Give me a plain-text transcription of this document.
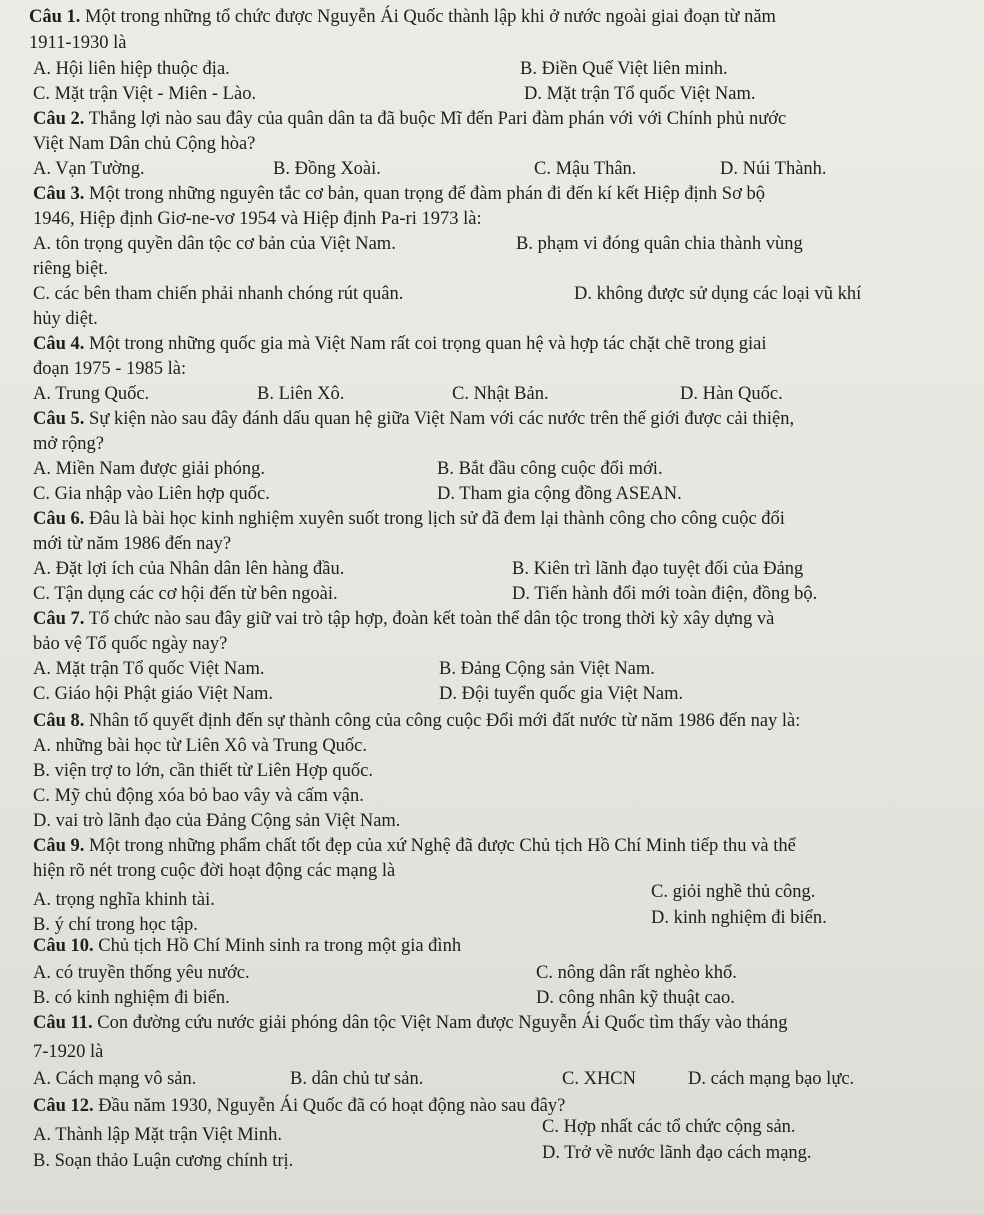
Câu 1. Một trong những tổ chức được Nguyễn Ái Quốc thành lập khi ở nước ngoài giai đoạn từ năm
1911-1930 là
A. Hội liên hiệp thuộc địa.	B. Điền Quế Việt liên minh.
C. Mặt trận Việt - Miên - Lào.	D. Mặt trận Tổ quốc Việt Nam.
Câu 2. Thắng lợi nào sau đây của quân dân ta đã buộc Mĩ đến Pari đàm phán với với Chính phủ nước
Việt Nam Dân chủ Cộng hòa?
A. Vạn Tường.	B. Đồng Xoài.	C. Mậu Thân.	D. Núi Thành.
Câu 3. Một trong những nguyên tắc cơ bản, quan trọng để đàm phán đi đến kí kết Hiệp định Sơ bộ
1946, Hiệp định Giơ-ne-vơ 1954 và Hiệp định Pa-ri 1973 là:
A. tôn trọng quyền dân tộc cơ bản của Việt Nam.	B. phạm vi đóng quân chia thành vùng
riêng biệt.
C. các bên tham chiến phải nhanh chóng rút quân.	D. không được sử dụng các loại vũ khí
hủy diệt.
Câu 4. Một trong những quốc gia mà Việt Nam rất coi trọng quan hệ và hợp tác chặt chẽ trong giai
đoạn 1975 - 1985 là:
A. Trung Quốc.	B. Liên Xô.	C. Nhật Bản.	D. Hàn Quốc.
Câu 5. Sự kiện nào sau đây đánh dấu quan hệ giữa Việt Nam với các nước trên thế giới được cải thiện,
mở rộng?
A. Miền Nam được giải phóng.	B. Bắt đầu công cuộc đổi mới.
C. Gia nhập vào Liên hợp quốc.	D. Tham gia cộng đồng ASEAN.
Câu 6. Đâu là bài học kinh nghiệm xuyên suốt trong lịch sử đã đem lại thành công cho công cuộc đổi
mới từ năm 1986 đến nay?
A. Đặt lợi ích của Nhân dân lên hàng đầu.	B. Kiên trì lãnh đạo tuyệt đối của Đảng
C. Tận dụng các cơ hội đến từ bên ngoài.	D. Tiến hành đổi mới toàn điện, đồng bộ.
Câu 7. Tổ chức nào sau đây giữ vai trò tập hợp, đoàn kết toàn thể dân tộc trong thời kỳ xây dựng và
bảo vệ Tổ quốc ngày nay?
A. Mặt trận Tổ quốc Việt Nam.	B. Đảng Cộng sản Việt Nam.
C. Giáo hội Phật giáo Việt Nam.	D. Đội tuyển quốc gia Việt Nam.
Câu 8. Nhân tố quyết định đến sự thành công của công cuộc Đổi mới đất nước từ năm 1986 đến nay là:
A. những bài học từ Liên Xô và Trung Quốc.
B. viện trợ to lớn, cần thiết từ Liên Hợp quốc.
C. Mỹ chủ động xóa bỏ bao vây và cấm vận.
D. vai trò lãnh đạo của Đảng Cộng sản Việt Nam.
Câu 9. Một trong những phẩm chất tốt đẹp của xứ Nghệ đã được Chủ tịch Hồ Chí Minh tiếp thu và thể
hiện rõ nét trong cuộc đời hoạt động các mạng là
A. trọng nghĩa khinh tài.	C. giỏi nghề thủ công.
B. ý chí trong học tập.	D. kinh nghiệm đi biển.
Câu 10. Chủ tịch Hồ Chí Minh sinh ra trong một gia đình
A. có truyền thống yêu nước.	C. nông dân rất nghèo khổ.
B. có kinh nghiệm đi biển.	D. công nhân kỹ thuật cao.
Câu 11. Con đường cứu nước giải phóng dân tộc Việt Nam được Nguyễn Ái Quốc tìm thấy vào tháng
7-1920 là
A. Cách mạng vô sản.	B. dân chủ tư sản.	C. XHCN	D. cách mạng bạo lực.
Câu 12. Đầu năm 1930, Nguyễn Ái Quốc đã có hoạt động nào sau đây?
A. Thành lập Mặt trận Việt Minh.	C. Hợp nhất các tổ chức cộng sản.
B. Soạn thảo Luận cương chính trị.	D. Trở về nước lãnh đạo cách mạng.
